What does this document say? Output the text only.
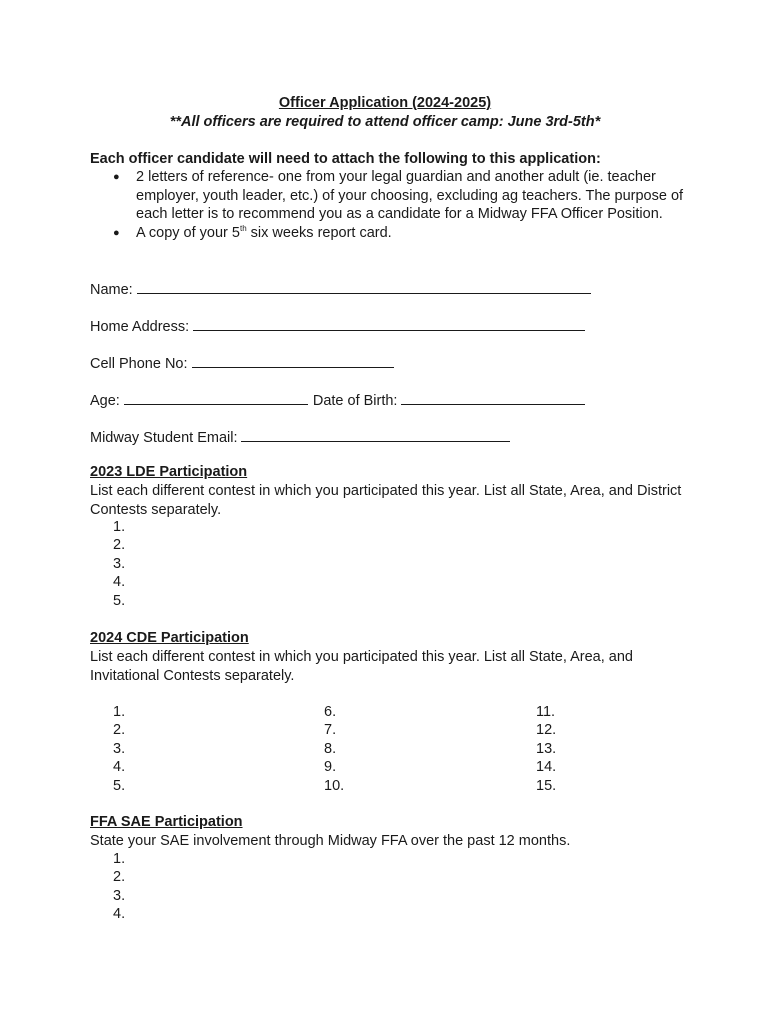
Officer Application (2024-2025)
**All officers are required to attend officer camp: June 3rd-5th*
Each officer candidate will need to attach the following to this application:
● 2 letters of reference- one from your legal guardian and another adult (ie. teacher employer, youth leader, etc.) of your choosing, excluding ag teachers. The purpose of each letter is to recommend you as a candidate for a Midway FFA Officer Position.
● A copy of your 5th six weeks report card.
Name:
Home Address:
Cell Phone No:
Age:	Date of Birth:
Midway Student Email:
2023 LDE Participation
List each different contest in which you participated this year. List all State, Area, and District Contests separately.
1.
2.
3.
4.
5.
2024 CDE Participation
List each different contest in which you participated this year. List all State, Area, and Invitational Contests separately.
1.
2.
3.
4.
5.
6.
7.
8.
9.
10.
11.
12.
13.
14.
15.
FFA SAE Participation
State your SAE involvement through Midway FFA over the past 12 months.
1.
2.
3.
4.
